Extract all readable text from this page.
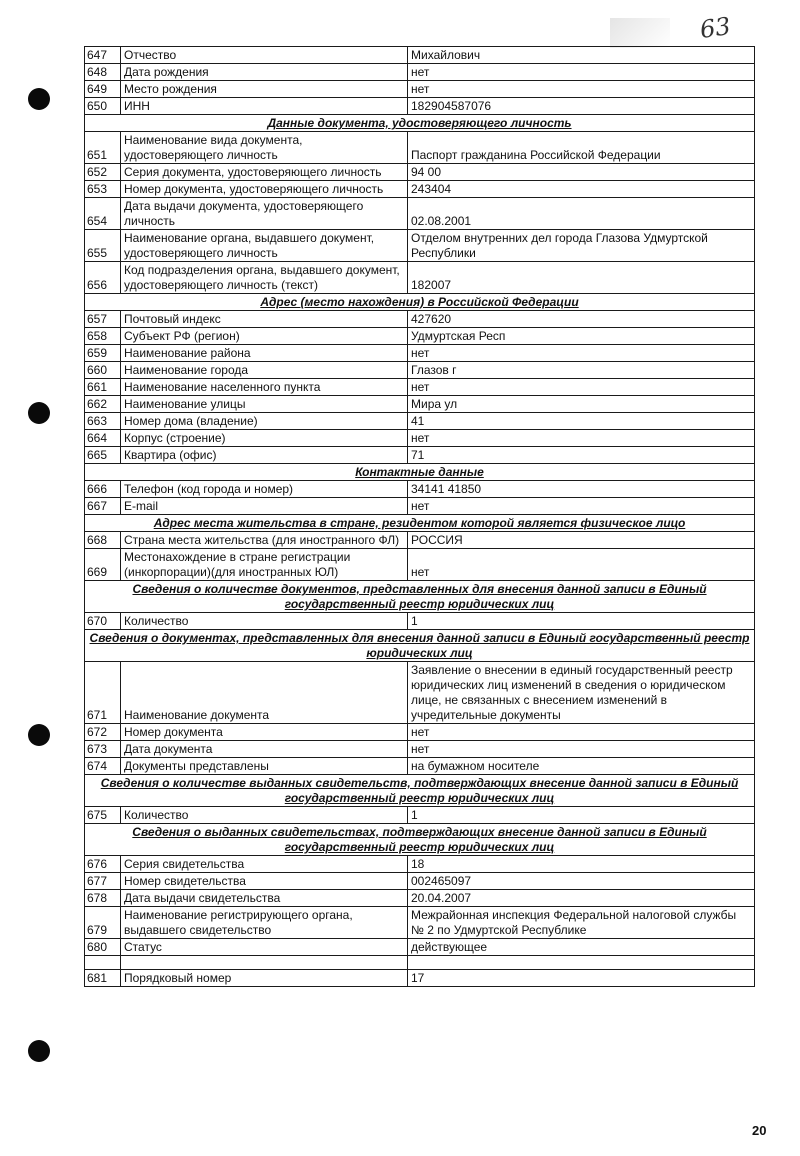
63
647	Отчество	Михайлович
648	Дата рождения	нет
649	Место рождения	нет
650	ИНН	182904587076
Данные документа, удостоверяющего личность		
651	Наименование вида документа, удостоверяющего личность	Паспорт гражданина Российской Федерации
652	Серия документа, удостоверяющего личность	94 00
653	Номер документа, удостоверяющего личность	243404
654	Дата выдачи документа, удостоверяющего личность	02.08.2001
655	Наименование органа, выдавшего документ, удостоверяющего личность	Отделом внутренних дел города Глазова Удмуртской Республики
656	Код подразделения органа, выдавшего документ, удостоверяющего личность (текст)	182007
Адрес (место нахождения) в Российской Федерации		
657	Почтовый индекс	427620
658	Субъект РФ (регион)	Удмуртская Респ
659	Наименование района	нет
660	Наименование города	Глазов г
661	Наименование населенного пункта	нет
662	Наименование улицы	Мира ул
663	Номер дома (владение)	41
664	Корпус (строение)	нет
665	Квартира (офис)	71
Контактные данные		
666	Телефон (код города и номер)	34141 41850
667	E-mail	нет
Адрес места жительства в стране, резидентом которой является физическое лицо		
668	Страна места жительства (для иностранного ФЛ)	РОССИЯ
669	Местонахождение в стране регистрации (инкорпорации)(для иностранных ЮЛ)	нет
Сведения о количестве документов, представленных для внесения данной записи в Единый государственный реестр юридических лиц		
670	Количество	1
Сведения о документах, представленных для внесения данной записи в Единый государственный реестр юридических лиц		
671	Наименование документа	Заявление о внесении в единый государственный реестр юридических лиц изменений в сведения о юридическом лице, не связанных с внесением изменений в учредительные документы
672	Номер документа	нет
673	Дата документа	нет
674	Документы представлены	на бумажном носителе
Сведения о количестве выданных свидетельств, подтверждающих внесение данной записи в Единый государственный реестр юридических лиц		
675	Количество	1
Сведения о выданных свидетельствах, подтверждающих внесение данной записи в Единый государственный реестр юридических лиц		
676	Серия свидетельства	18
677	Номер свидетельства	002465097
678	Дата выдачи свидетельства	20.04.2007
679	Наименование регистрирующего органа, выдавшего свидетельство	Межрайонная инспекция Федеральной налоговой службы № 2 по Удмуртской Республике
680	Статус	действующее

681	Порядковый номер	17
20
